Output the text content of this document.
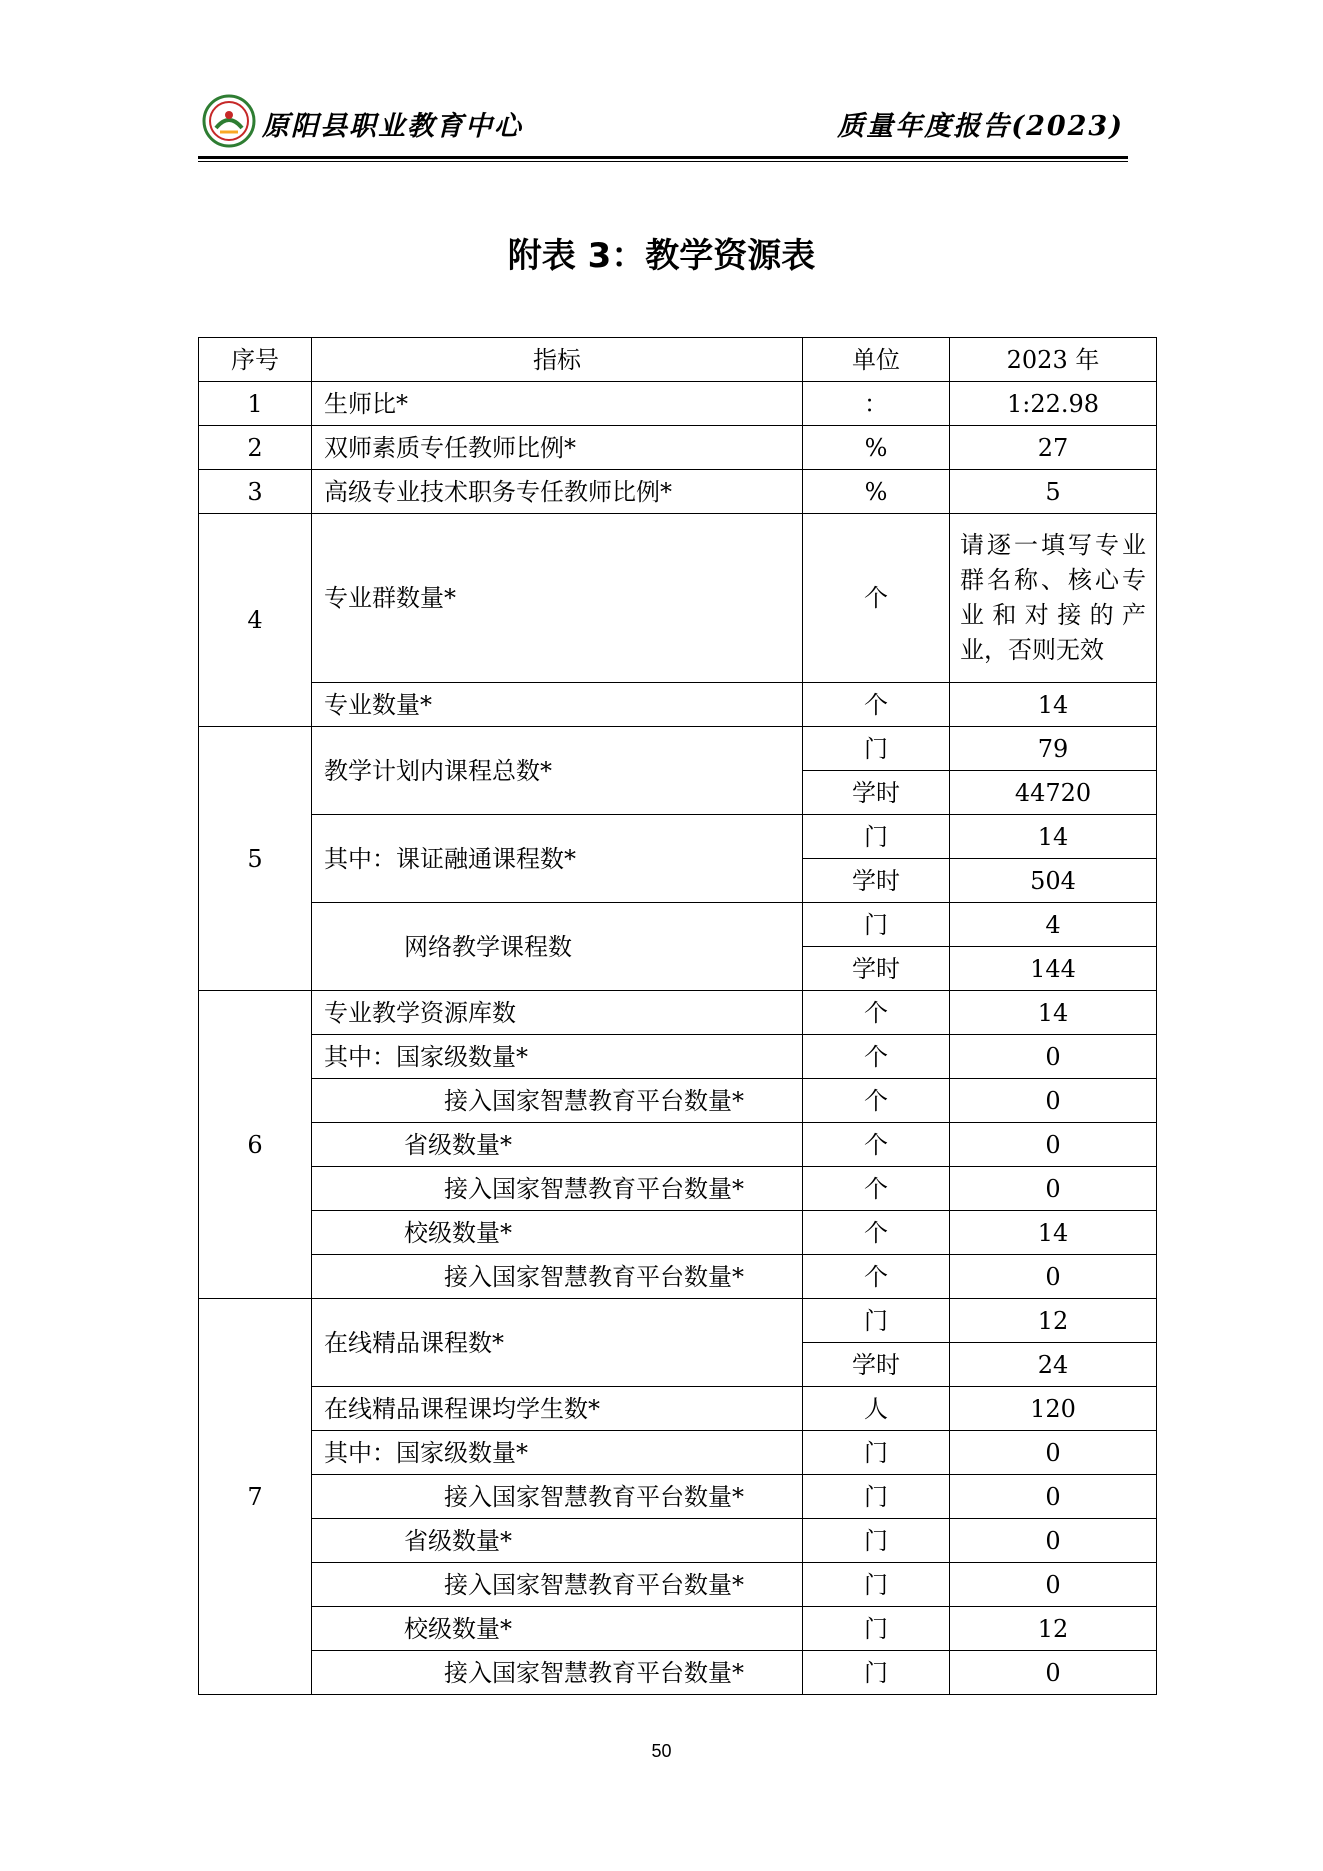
原阳县职业教育中心	质量年度报告(2023)
附表 3：教学资源表
序号	指标	单位	2023 年
1	生师比*	：	1:22.98
2	双师素质专任教师比例*	%	27
3	高级专业技术职务专任教师比例*	%	5
4	专业群数量*	个	请逐一填写专业群名称、核心专业和对接的产业，否则无效
	专业数量*	个	14
5	教学计划内课程总数*	门	79
		学时	44720
	其中：课证融通课程数*	门	14
		学时	504
	网络教学课程数	门	4
		学时	144
6	专业教学资源库数	个	14
	其中：国家级数量*	个	0
	接入国家智慧教育平台数量*	个	0
	省级数量*	个	0
	接入国家智慧教育平台数量*	个	0
	校级数量*	个	14
	接入国家智慧教育平台数量*	个	0
7	在线精品课程数*	门	12
		学时	24
	在线精品课程课均学生数*	人	120
	其中：国家级数量*	门	0
	接入国家智慧教育平台数量*	门	0
	省级数量*	门	0
	接入国家智慧教育平台数量*	门	0
	校级数量*	门	12
	接入国家智慧教育平台数量*	门	0
50
